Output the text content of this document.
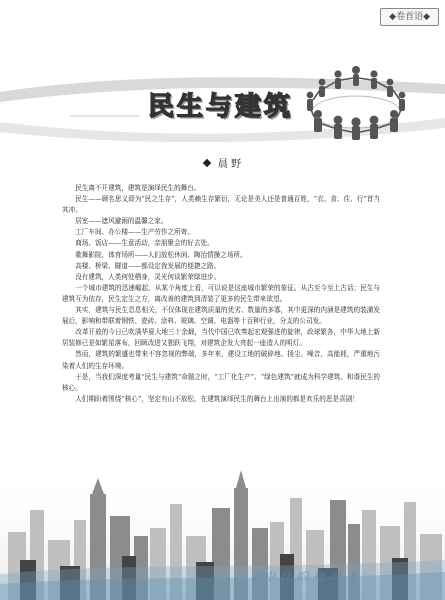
◆卷首语◆
民生与建筑
晨 野

民生离不开建筑，建筑是演绎民生的舞台。

民生——顾名思义即为“民之生存”，人类赖生存繁衍，无论是美人还是普通百姓，“衣、食、住、行”首当其冲。

居室——遮风避雨的温馨之家。

工厂车间、办公楼——生产劳作之所寄。

商场、饭店——生意活动，亲朋聚会的好去处。

歌舞影院、体育场所——人们放松休闲、陶冶情操之场所。

高楼、桥梁、隧道——都设定我发展的便捷之路。

没有建筑，人类何处栖身，灵光何谈繁荣绿进步。

一个城市建筑的迅速崛起，从某个角度上看，可以说是这座城市繁荣的象征。从古至今至上古话；民生与建筑互为依存，民生定生之方，离改善的建筑到清装了更多的民生带来欲望。

其实，建筑与民生息息相关，不仅体现在建筑质量的优劣、数量的多寡，其中更深的内涵是建筑的装潢发展后，影响和带联着钢铁、瓷砖、涂料、玻璃、空调、电器等十百种行业，分支的公司发。

改革开放的今日已吹满华夏大地三十余载，当代中国已吹奏起宏观强进的旋律，政球繁各，中华大地上新居装修已是如繁星落布，回顾改进又独跃飞翔，对建筑企发大亮起一座造人的明灯。

然而，建筑的繁盛也带来不容忽视的弊端，多年来，建设工地的破碎地、扬尘、噪音，高能耗，严重地污染着人们的生存环境。

于是，当我们深度考量“民生与建筑”命题之时，“工厂化生产”、“绿色建筑”就成为科学建筑、和谐民生的核心。

人们期盼着围绕“核心”，坚定有山不放松，在建筑演绎民生的舞台上出演的都是欢乐的恶是喜剧！

新中 什 的 物 时 才
